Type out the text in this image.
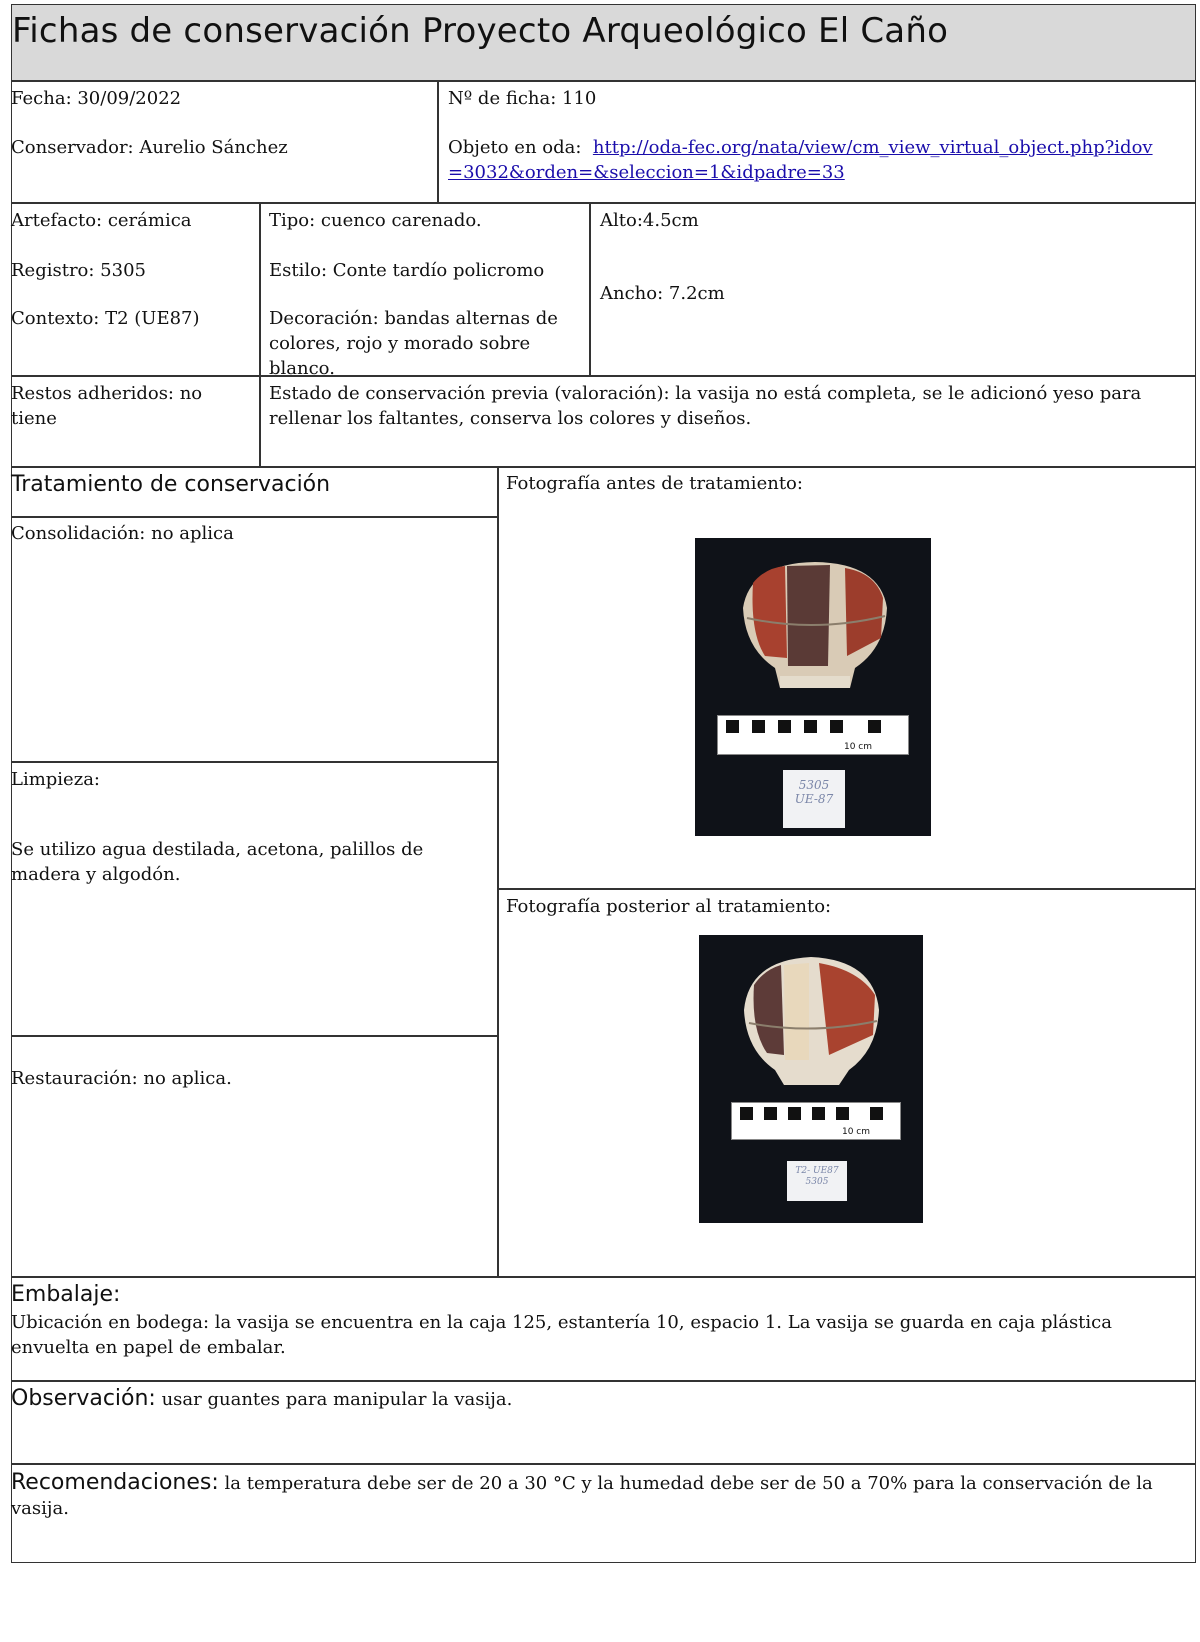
Fichas de conservación Proyecto Arqueológico El Caño
Fecha: 30/09/2022
Conservador: Aurelio Sánchez
Nº de ficha: 110
Objeto en oda: http://oda-fec.org/nata/view/cm_view_virtual_object.php?idov=3032&orden=&seleccion=1&idpadre=33
Artefacto: cerámica
Registro: 5305
Contexto: T2 (UE87)
Tipo: cuenco carenado.
Estilo: Conte tardío policromo
Decoración: bandas alternas de colores, rojo y morado sobre blanco.
Alto:4.5cm
Ancho: 7.2cm
Restos adheridos: no tiene
Estado de conservación previa (valoración): la vasija no está completa, se le adicionó yeso para rellenar los faltantes, conserva los colores y diseños.
Tratamiento de conservación
Consolidación: no aplica
Limpieza:
Se utilizo agua destilada, acetona, palillos de madera y algodón.
Restauración: no aplica.
Fotografía antes de tratamiento:
Fotografía posterior al tratamiento:
10 cm
5305
UE-87
10 cm
T2- UE87
5305
Embalaje:
Ubicación en bodega: la vasija se encuentra en la caja 125, estantería 10, espacio 1. La vasija se guarda en caja plástica envuelta en papel de embalar.
Observación: usar guantes para manipular la vasija.
Recomendaciones: la temperatura debe ser de 20 a 30 °C y la humedad debe ser de 50 a 70% para la conservación de la vasija.
